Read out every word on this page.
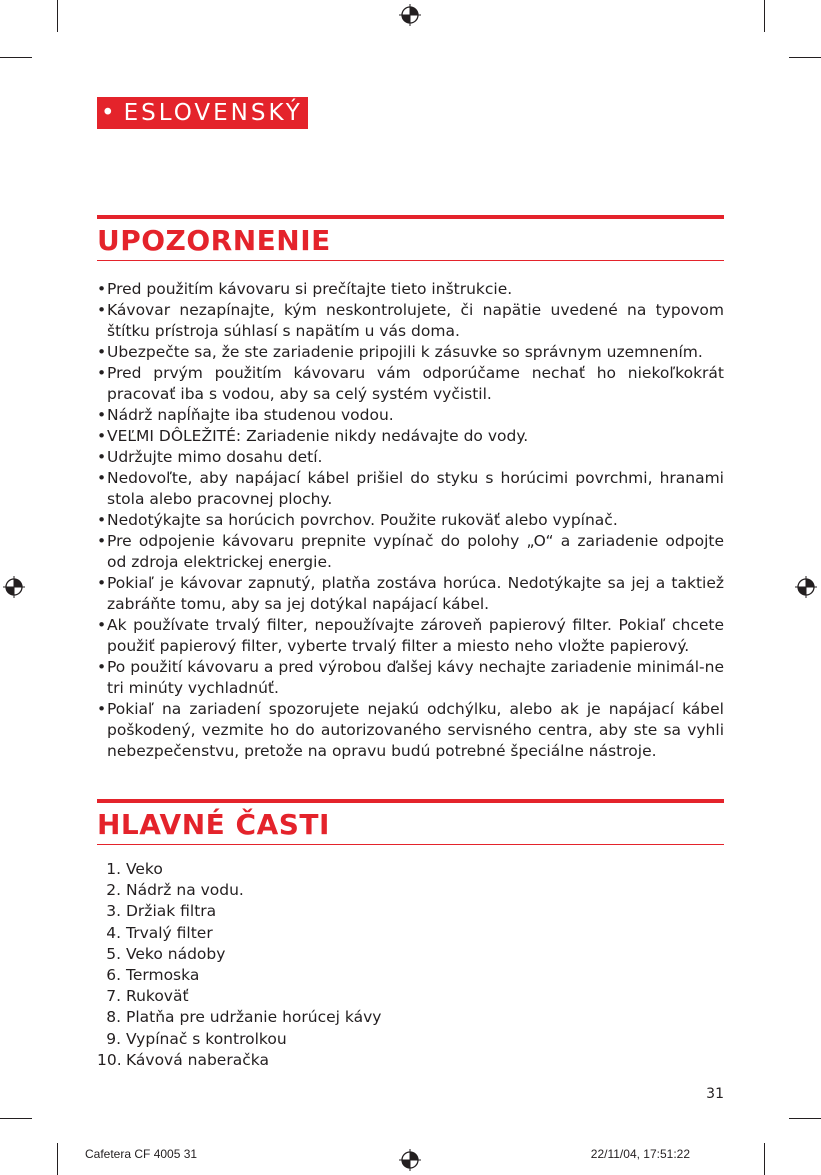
• ESLOVENSKÝ
UPOZORNENIE
• Pred použitím kávovaru si prečítajte tieto inštrukcie.
• Kávovar nezapínajte, kým neskontrolujete, či napätie uvedené na typovom štítku prístroja súhlasí s napätím u vás doma.
• Ubezpečte sa, že ste zariadenie pripojili k zásuvke so správnym uzemnením.
• Pred prvým použitím kávovaru vám odporúčame nechať ho niekoľkokrát pracovať iba s vodou, aby sa celý systém vyčistil.
• Nádrž napĺňajte iba studenou vodou.
• VEĽMI DÔLEŽITÉ: Zariadenie nikdy nedávajte do vody.
• Udržujte mimo dosahu detí.
• Nedovoľte, aby napájací kábel prišiel do styku s horúcimi povrchmi, hranami stola alebo pracovnej plochy.
• Nedotýkajte sa horúcich povrchov. Použite rukoväť alebo vypínač.
• Pre odpojenie kávovaru prepnite vypínač do polohy „O“ a zariadenie odpojte od zdroja elektrickej energie.
• Pokiaľ je kávovar zapnutý, platňa zostáva horúca. Nedotýkajte sa jej a taktiež zabráňte tomu, aby sa jej dotýkal napájací kábel.
• Ak používate trvalý filter, nepoužívajte zároveň papierový filter. Pokiaľ chcete použiť papierový filter, vyberte trvalý filter a miesto neho vložte papierový.
• Po použití kávovaru a pred výrobou ďalšej kávy nechajte zariadenie minimál-ne tri minúty vychladnúť.
• Pokiaľ na zariadení spozorujete nejakú odchýlku, alebo ak je napájací kábel poškodený, vezmite ho do autorizovaného servisného centra, aby ste sa vyhli nebezpečenstvu, pretože na opravu budú potrebné špeciálne nástroje.
HLAVNÉ ČASTI
1. Veko
2. Nádrž na vodu.
3. Držiak filtra
4. Trvalý filter
5. Veko nádoby
6. Termoska
7. Rukoväť
8. Platňa pre udržanie horúcej kávy
9. Vypínač s kontrolkou
10. Kávová naberačka
31
Cafetera CF 4005 31	22/11/04, 17:51:22
